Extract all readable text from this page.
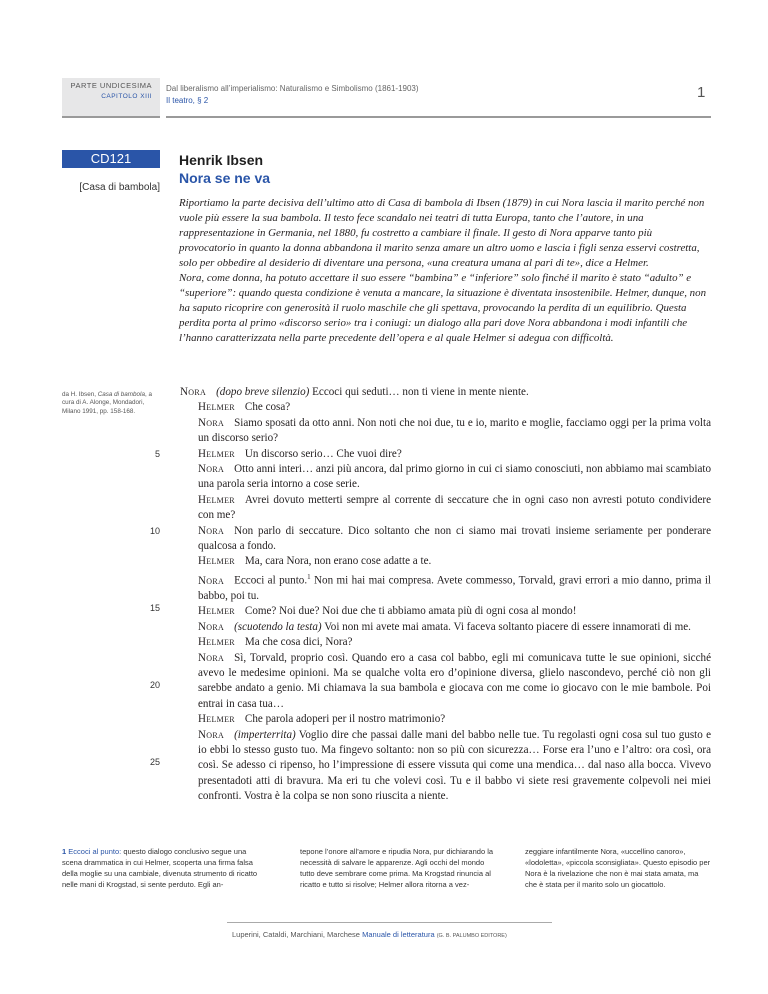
PARTE UNDICESIMA
CAPITOLO XIII
Dal liberalismo all’imperialismo: Naturalismo e Simbolismo (1861-1903)
Il teatro, § 2	1
CD121
[Casa di bambola]
da H. Ibsen, Casa di bambola, a cura di A. Alonge, Mondadori, Milano 1991, pp. 158-168.
Henrik Ibsen
Nora se ne va

Riportiamo la parte decisiva dell’ultimo atto di Casa di bambola di Ibsen (1879) in cui Nora lascia il marito perché non vuole più essere la sua bambola. Il testo fece scandalo nei teatri di tutta Europa, tanto che l’autore, in una rappresentazione in Germania, nel 1880, fu costretto a cambiare il finale. Il gesto di Nora apparve tanto più provocatorio in quanto la donna abbandona il marito senza amare un altro uomo e lascia i figli senza esservi costretta, solo per obbedire al desiderio di diventare una persona, «una creatura umana al pari di te», dice a Helmer.

Nora, come donna, ha potuto accettare il suo essere “bambina” e “inferiore” solo finché il marito è stato “adulto” e “superiore”: quando questa condizione è venuta a mancare, la situazione è diventata insostenibile. Helmer, dunque, non ha saputo ricoprire con generosità il ruolo maschile che gli spettava, provocando la perdita di un equilibrio. Questa perdita porta al primo «discorso serio» tra i coniugi: un dialogo alla pari dove Nora abbandona i modi infantili che l’hanno caratterizzata nella parte precedente dell’opera e al quale Helmer si adegua con difficoltà.

5
10
15
20
25

Nora (dopo breve silenzio) Eccoci qui seduti… non ti viene in mente niente.

Helmer Che cosa?

Nora Siamo sposati da otto anni. Non noti che noi due, tu e io, marito e moglie, facciamo oggi per la prima volta un discorso serio?

Helmer Un discorso serio… Che vuoi dire?

Nora Otto anni interi… anzi più ancora, dal primo giorno in cui ci siamo conosciuti, non abbiamo mai scambiato una parola seria intorno a cose serie.

Helmer Avrei dovuto metterti sempre al corrente di seccature che in ogni caso non avresti potuto condividere con me?

Nora Non parlo di seccature. Dico soltanto che non ci siamo mai trovati insieme seriamente per ponderare qualcosa a fondo.

Helmer Ma, cara Nora, non erano cose adatte a te.

Nora Eccoci al punto.$^1$ Non mi hai mai compresa. Avete commesso, Torvald, gravi errori a mio danno, prima il babbo, poi tu.

Helmer Come? Noi due? Noi due che ti abbiamo amata più di ogni cosa al mondo!

Nora (scuotendo la testa) Voi non mi avete mai amata. Vi faceva soltanto piacere di essere innamorati di me.

Helmer Ma che cosa dici, Nora?

Nora Sì, Torvald, proprio così. Quando ero a casa col babbo, egli mi comunicava tutte le sue opinioni, sicché avevo le medesime opinioni. Ma se qualche volta ero d’opinione diversa, glielo nascondevo, perché ciò non gli sarebbe andato a genio. Mi chiamava la sua bambola e giocava con me come io giocavo con le mie bambole. Poi entrai in casa tua…

Helmer Che parola adoperi per il nostro matrimonio?

Nora (imperterrita) Voglio dire che passai dalle mani del babbo nelle tue. Tu regolasti ogni cosa sul tuo gusto e io ebbi lo stesso gusto tuo. Ma fingevo soltanto: non so più con sicurezza… Forse era l’uno e l’altro: ora così, ora così. Se adesso ci ripenso, ho l’impressione di essere vissuta qui come una mendica… dal naso alla bocca. Vivevo presentadoti atti di bravura. Ma eri tu che volevi così. Tu e il babbo vi siete resi gravemente colpevoli nei miei confronti. Vostra è la colpa se non sono riuscita a niente.

1 Eccoci al punto: questo dialogo conclusivo segue una scena drammatica in cui Helmer, scoperta una firma falsa della moglie su una cambiale, divenuta strumento di ricatto nelle mani di Krogstad, si sente perduto. Egli an-
tepone l’onore all’amore e ripudia Nora, pur dichiarando la necessità di salvare le apparenze. Agli occhi del mondo tutto deve sembrare come prima. Ma Krogstad rinuncia al ricatto e tutto si risolve; Helmer allora ritorna a vez-
zeggiare infantilmente Nora, «uccellino canoro», «lodoletta», «piccola sconsigliata». Questo episodio per Nora è la rivelazione che non è mai stata amata, ma che è stata per il marito solo un giocattolo.
Luperini, Cataldi, Marchiani, Marchese Manuale di letteratura (G. B. PALUMBO EDITORE)
